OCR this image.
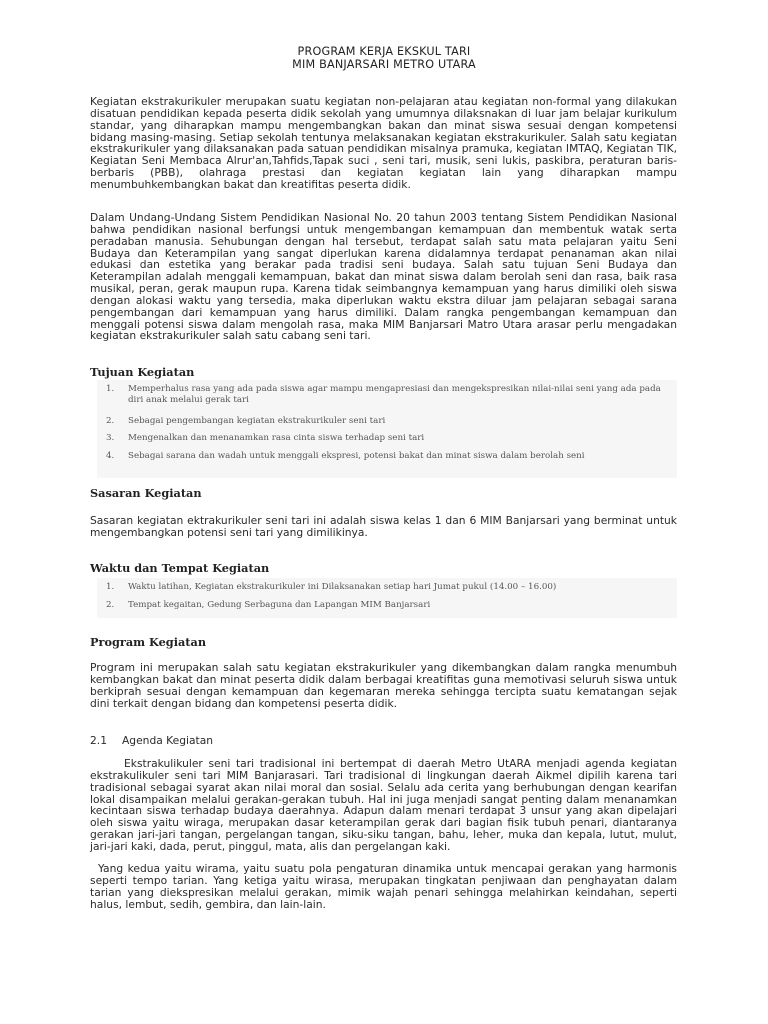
PROGRAM KERJA EKSKUL TARI
MIM BANJARSARI METRO UTARA

Kegiatan ekstrakurikuler merupakan suatu kegiatan non-pelajaran atau kegiatan non-formal yang dilakukan disatuan pendidikan kepada peserta didik sekolah yang umumnya dilaksnakan di luar jam belajar kurikulum standar, yang diharapkan mampu mengembangkan bakan dan minat siswa sesuai dengan kompetensi bidang masing-masing. Setiap sekolah tentunya melaksanakan kegiatan ekstrakurikuler. Salah satu kegiatan ekstrakurikuler yang dilaksanakan pada satuan pendidikan misalnya pramuka, kegiatan IMTAQ, Kegiatan TIK, Kegiatan Seni Membaca Alrur'an,Tahfids,Tapak suci , seni tari, musik, seni lukis, paskibra, peraturan baris-berbaris (PBB), olahraga prestasi dan kegiatan kegiatan lain yang diharapkan mampu menumbuhkembangkan bakat dan kreatifitas peserta didik.

Dalam Undang-Undang Sistem Pendidikan Nasional No. 20 tahun 2003 tentang Sistem Pendidikan Nasional bahwa pendidikan nasional berfungsi untuk mengembangan kemampuan dan membentuk watak serta peradaban manusia. Sehubungan dengan hal tersebut, terdapat salah satu mata pelajaran yaitu Seni Budaya dan Keterampilan yang sangat diperlukan karena didalamnya terdapat penanaman akan nilai edukasi dan estetika yang berakar pada tradisi seni budaya. Salah satu tujuan Seni Budaya dan Keterampilan adalah menggali kemampuan, bakat dan minat siswa dalam berolah seni dan rasa, baik rasa musikal, peran, gerak maupun rupa. Karena tidak seimbangnya kemampuan yang harus dimiliki oleh siswa dengan alokasi waktu yang tersedia, maka diperlukan waktu ekstra diluar jam pelajaran sebagai sarana pengembangan dari kemampuan yang harus dimiliki. Dalam rangka pengembangan kemampuan dan menggali potensi siswa dalam mengolah rasa, maka MIM Banjarsari Matro Utara arasar perlu mengadakan kegiatan ekstrakurikuler salah satu cabang seni tari.

Tujuan Kegiatan
1. Memperhalus rasa yang ada pada siswa agar mampu mengapresiasi dan mengekspresikan nilai-nilai seni yang ada pada diri anak melalui gerak tari
2. Sebagai pengembangan kegiatan ekstrakurikuler seni tari
3. Mengenalkan dan menanamkan rasa cinta siswa terhadap seni tari
4. Sebagai sarana dan wadah untuk menggali ekspresi, potensi bakat dan minat siswa dalam berolah seni
Sasaran Kegiatan

Sasaran kegiatan ektrakurikuler seni tari ini adalah siswa kelas 1 dan 6 MIM Banjarsari yang berminat untuk mengembangkan potensi seni tari yang dimilikinya.

Waktu dan Tempat Kegiatan
1. Waktu latihan, Kegiatan ekstrakurikuler ini Dilaksanakan setiap hari Jumat pukul (14.00 – 16.00)
2. Tempat kegaitan, Gedung Serbaguna dan Lapangan MIM Banjarsari
Program Kegiatan

Program ini merupakan salah satu kegiatan ekstrakurikuler yang dikembangkan dalam rangka menumbuh kembangkan bakat dan minat peserta didik dalam berbagai kreatifitas guna memotivasi seluruh siswa untuk berkiprah sesuai dengan kemampuan dan kegemaran mereka sehingga tercipta suatu kematangan sejak dini terkait dengan bidang dan kompetensi peserta didik.

2.1 Agenda Kegiatan

Ekstrakulikuler seni tari tradisional ini bertempat di daerah Metro UtARA menjadi agenda kegiatan ekstrakulikuler seni tari MIM Banjarasari. Tari tradisional di lingkungan daerah Aikmel dipilih karena tari tradisional sebagai syarat akan nilai moral dan sosial. Selalu ada cerita yang berhubungan dengan kearifan lokal disampaikan melalui gerakan-gerakan tubuh. Hal ini juga menjadi sangat penting dalam menanamkan kecintaan siswa terhadap budaya daerahnya. Adapun dalam menari terdapat 3 unsur yang akan dipelajari oleh siswa yaitu wiraga, merupakan dasar keterampilan gerak dari bagian fisik tubuh penari, diantaranya gerakan jari-jari tangan, pergelangan tangan, siku-siku tangan, bahu, leher, muka dan kepala, lutut, mulut, jari-jari kaki, dada, perut, pinggul, mata, alis dan pergelangan kaki.

Yang kedua yaitu wirama, yaitu suatu pola pengaturan dinamika untuk mencapai gerakan yang harmonis seperti tempo tarian. Yang ketiga yaitu wirasa, merupakan tingkatan penjiwaan dan penghayatan dalam tarian yang diekspresikan melalui gerakan, mimik wajah penari sehingga melahirkan keindahan, seperti halus, lembut, sedih, gembira, dan lain-lain.
